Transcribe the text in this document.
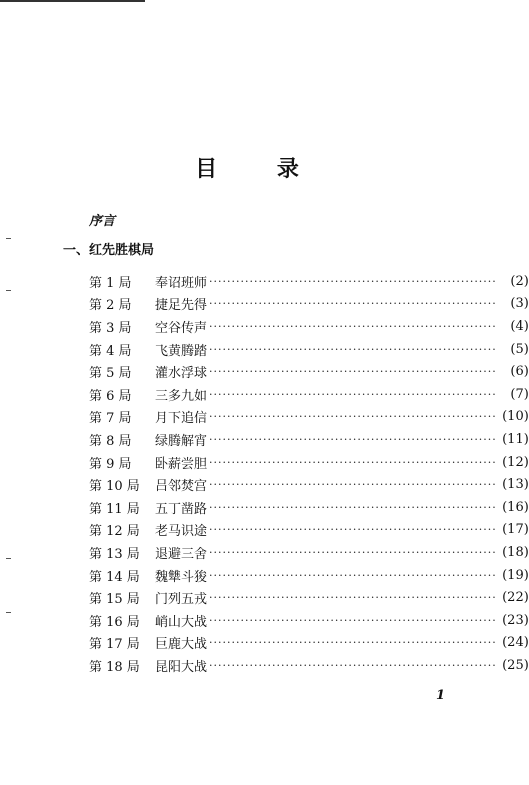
目 录
序言
一、红先胜棋局
第 1 局	奉诏班师 ································································	(2)
第 2 局	捷足先得 ································································	(3)
第 3 局	空谷传声 ································································	(4)
第 4 局	飞黄腾踏 ································································	(5)
第 5 局	灌水浮球 ································································	(6)
第 6 局	三多九如 ································································	(7)
第 7 局	月下追信 ································································ (10)
第 8 局	绿腾解宵 ································································ (11)
第 9 局	卧薪尝胆 ································································ (12)
第 10 局	吕邻焚宫 ································································ (13)
第 11 局	五丁凿路 ································································ (16)
第 12 局	老马识途 ································································ (17)
第 13 局	退避三舍 ································································ (18)
第 14 局	魏犨斗狻 ································································ (19)
第 15 局	门列五戎 ································································ (22)
第 16 局	峭山大战 ································································ (23)
第 17 局	巨鹿大战 ································································ (24)
第 18 局	昆阳大战 ································································ (25)
1
